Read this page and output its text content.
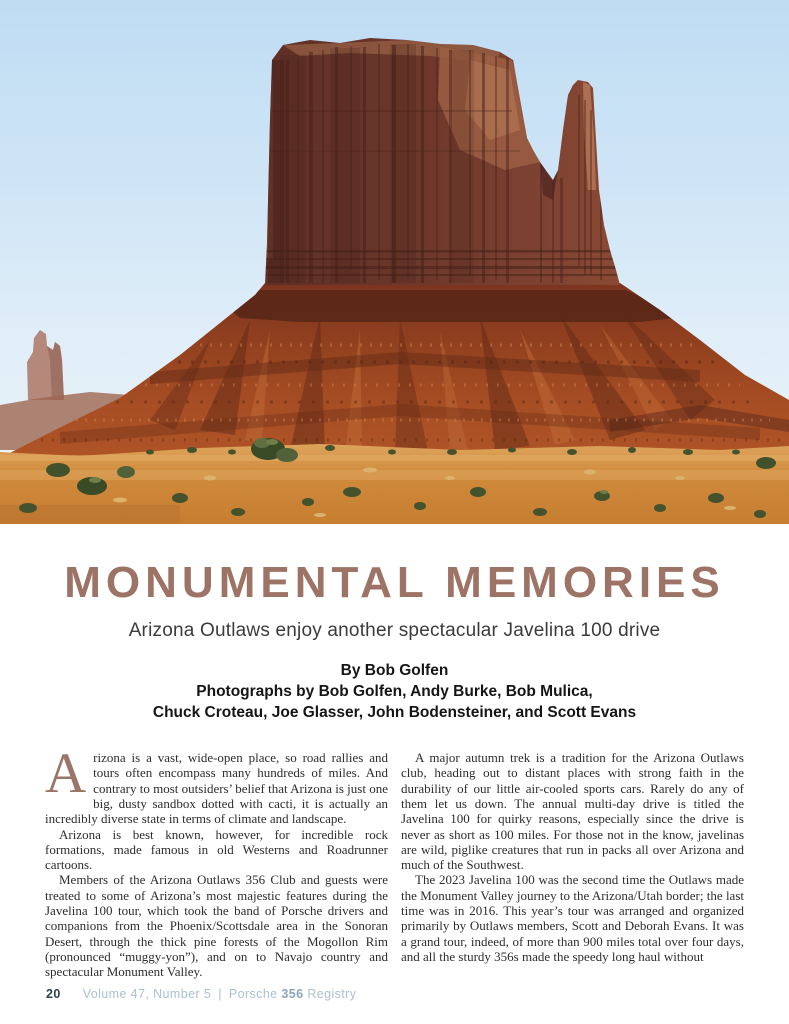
MONUMENTAL MEMORIES

Arizona Outlaws enjoy another spectacular Javelina 100 drive

By Bob Golfen

Photographs by Bob Golfen, Andy Burke, Bob Mulica,

Chuck Croteau, Joe Glasser, John Bodensteiner, and Scott Evans

Arizona is a vast, wide-open place, so road rallies and tours often encompass many hundreds of miles. And contrary to most outsiders’ belief that Arizona is just one big, dusty sandbox dotted with cacti, it is actually an incredibly diverse state in terms of climate and landscape.

Arizona is best known, however, for incredible rock formations, made famous in old Westerns and Roadrunner cartoons.

Members of the Arizona Outlaws 356 Club and guests were treated to some of Arizona’s most majestic features during the Javelina 100 tour, which took the band of Porsche drivers and companions from the Phoenix/Scottsdale area in the Sonoran Desert, through the thick pine forests of the Mogollon Rim (pronounced “muggy-yon”), and on to Navajo country and spectacular Monument Valley.

A major autumn trek is a tradition for the Arizona Outlaws club, heading out to distant places with strong faith in the durability of our little air-cooled sports cars. Rarely do any of them let us down. The annual multi-day drive is titled the Javelina 100 for quirky reasons, especially since the drive is never as short as 100 miles. For those not in the know, javelinas are wild, piglike creatures that run in packs all over Arizona and much of the Southwest.

The 2023 Javelina 100 was the second time the Outlaws made the Monument Valley journey to the Arizona/Utah border; the last time was in 2016. This year’s tour was arranged and organized primarily by Outlaws members, Scott and Deborah Evans. It was a grand tour, indeed, of more than 900 miles total over four days, and all the sturdy 356s made the speedy long haul without

20 Volume 47, Number 5 | Porsche 356 Registry
